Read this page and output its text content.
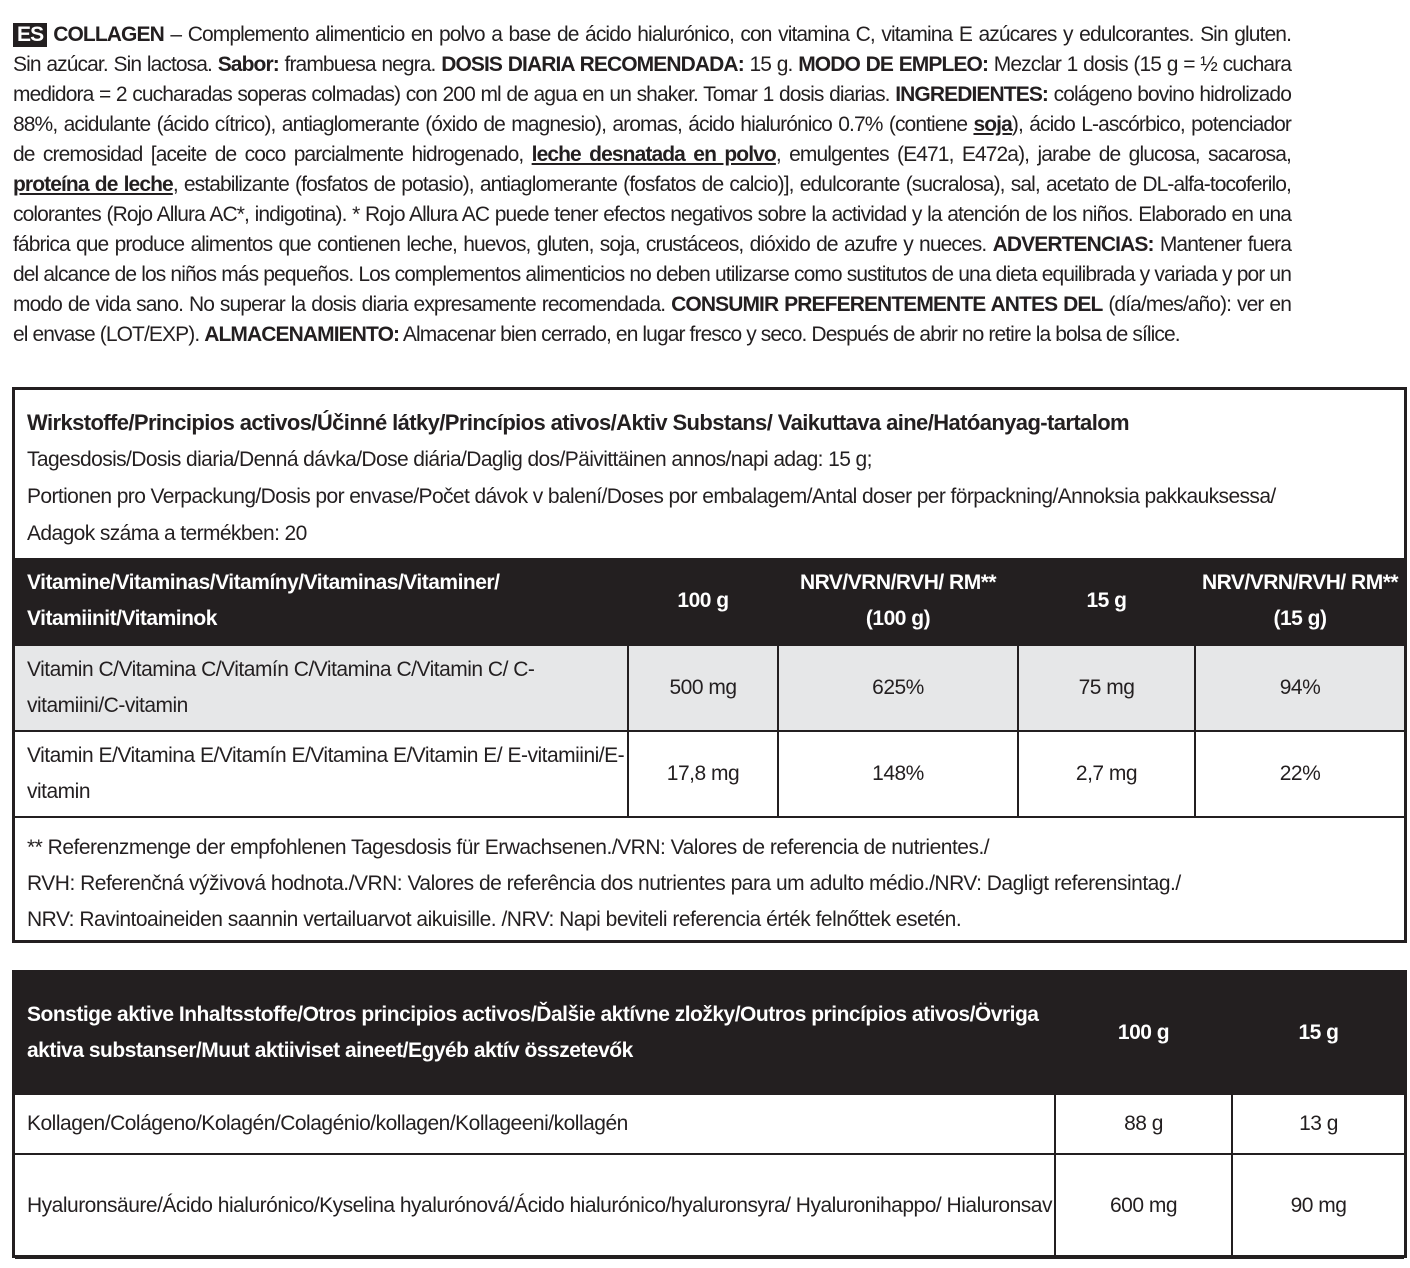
ES COLLAGEN – Complemento alimenticio en polvo a base de ácido hialurónico, con vitamina C, vitamina E azúcares y edulcorantes. Sin gluten. Sin azúcar. Sin lactosa. Sabor: frambuesa negra. DOSIS DIARIA RECOMENDADA: 15 g. MODO DE EMPLEO: Mezclar 1 dosis (15 g = ½ cuchara medidora = 2 cucharadas soperas colmadas) con 200 ml de agua en un shaker. Tomar 1 dosis diarias. INGREDIENTES: colágeno bovino hidrolizado 88%, acidulante (ácido cítrico), antiaglomerante (óxido de magnesio), aromas, ácido hialurónico 0.7% (contiene soja), ácido L-ascórbico, potenciador de cremosidad [aceite de coco parcialmente hidrogenado, leche desnatada en polvo, emulgentes (E471, E472a), jarabe de glucosa, sacarosa, proteína de leche, estabilizante (fosfatos de potasio), antiaglomerante (fosfatos de calcio)], edulcorante (sucralosa), sal, acetato de DL-alfa-tocoferilo, colorantes (Rojo Allura AC*, indigotina). * Rojo Allura AC puede tener efectos negativos sobre la actividad y la atención de los niños. Elaborado en una fábrica que produce alimentos que contienen leche, huevos, gluten, soja, crustáceos, dióxido de azufre y nueces. ADVERTENCIAS: Mantener fuera del alcance de los niños más pequeños. Los complementos alimenticios no deben utilizarse como sustitutos de una dieta equilibrada y variada y por un modo de vida sano. No superar la dosis diaria expresamente recomendada. CONSUMIR PREFERENTEMENTE ANTES DEL (día/mes/año): ver en el envase (LOT/EXP). ALMACENAMIENTO: Almacenar bien cerrado, en lugar fresco y seco. Después de abrir no retire la bolsa de sílice.
Wirkstoffe/Principios activos/Účinné látky/Princípios ativos/Aktiv Substans/ Vaikuttava aine/Hatóanyag-tartalom
Tagesdosis/Dosis diaria/Denná dávka/Dose diária/Daglig dos/Päivittäinen annos/napi adag: 15 g;
Portionen pro Verpackung/Dosis por envase/Počet dávok v balení/Doses por embalagem/Antal doser per förpackning/Annoksia pakkauksessa/
Adagok száma a termékben: 20
Vitamine/Vitaminas/Vitamíny/Vitaminas/Vitaminer/ Vitamiinit/Vitaminok	100 g	NRV/VRN/RVH/ RM** (100 g)	15 g	NRV/VRN/RVH/ RM** (15 g)
Vitamin C/Vitamina C/Vitamín C/Vitamina C/Vitamin C/ C-vitamiini/C-vitamin	500 mg	625%	75 mg	94%
Vitamin E/Vitamina E/Vitamín E/Vitamina E/Vitamin E/ E-vitamiini/E-vitamin	17,8 mg	148%	2,7 mg	22%
** Referenzmenge der empfohlenen Tagesdosis für Erwachsenen./VRN: Valores de referencia de nutrientes./
RVH: Referenčná výživová hodnota./VRN: Valores de referência dos nutrientes para um adulto médio./NRV: Dagligt referensintag./
NRV: Ravintoaineiden saannin vertailuarvot aikuisille. /NRV: Napi beviteli referencia érték felnőttek esetén.
Sonstige aktive Inhaltsstoffe/Otros principios activos/Ďalšie aktívne zložky/Outros princípios ativos/Övriga aktiva substanser/Muut aktiiviset aineet/Egyéb aktív összetevők	100 g	15 g
Kollagen/Colágeno/Kolagén/Colagénio/kollagen/Kollageeni/kollagén	88 g	13 g
Hyaluronsäure/Ácido hialurónico/Kyselina hyalurónová/Ácido hialurónico/hyaluronsyra/ Hyaluronihappo/ Hialuronsav	600 mg	90 mg
